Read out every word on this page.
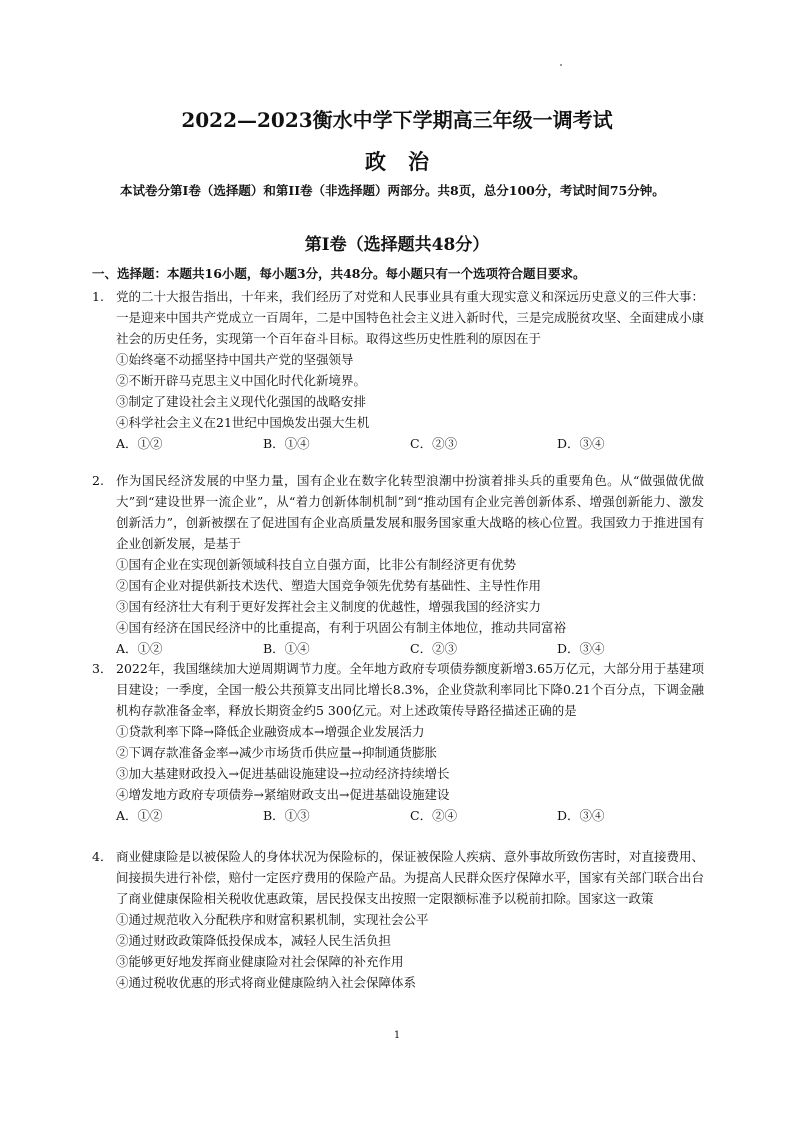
2022—2023衡水中学下学期高三年级一调考试
政治
本试卷分第I卷（选择题）和第II卷（非选择题）两部分。共8页，总分100分，考试时间75分钟。
第I卷（选择题共48分）
一、选择题：本题共16小题，每小题3分，共48分。每小题只有一个选项符合题目要求。
1. 党的二十大报告指出，十年来，我们经历了对党和人民事业具有重大现实意义和深远历史意义的三件大事：一是迎来中国共产党成立一百周年，二是中国特色社会主义进入新时代，三是完成脱贫攻坚、全面建成小康社会的历史任务，实现第一个百年奋斗目标。取得这些历史性胜利的原因在于
①始终毫不动摇坚持中国共产党的坚强领导
②不断开辟马克思主义中国化时代化新境界。
③制定了建设社会主义现代化强国的战略安排
④科学社会主义在21世纪中国焕发出强大生机
A．①②	B．①④	C．②③	D．③④
2. 作为国民经济发展的中坚力量，国有企业在数字化转型浪潮中扮演着排头兵的重要角色。从“做强做优做大”到“建设世界一流企业”，从“着力创新体制机制”到“推动国有企业完善创新体系、增强创新能力、激发创新活力”，创新被摆在了促进国有企业高质量发展和服务国家重大战略的核心位置。我国致力于推进国有企业创新发展，是基于
①国有企业在实现创新领域科技自立自强方面，比非公有制经济更有优势
②国有企业对提供新技术迭代、塑造大国竞争领先优势有基础性、主导性作用
③国有经济壮大有利于更好发挥社会主义制度的优越性，增强我国的经济实力
④国有经济在国民经济中的比重提高，有利于巩固公有制主体地位，推动共同富裕
A．①②	B．①④	C．②③	D．③④
3． 2022年，我国继续加大逆周期调节力度。全年地方政府专项债券额度新增3.65万亿元，大部分用于基建项目建设；一季度，全国一般公共预算支出同比增长8.3%，企业贷款利率同比下降0.21个百分点，下调金融机构存款准备金率，释放长期资金约5 300亿元。对上述政策传导路径描述正确的是
①贷款利率下降→降低企业融资成本→增强企业发展活力
②下调存款准备金率→减少市场货币供应量→抑制通货膨胀
③加大基建财政投入→促进基础设施建设→拉动经济持续增长
④增发地方政府专项债券→紧缩财政支出→促进基础设施建设
A．①②	B．①③	C．②④	D．③④
4． 商业健康险是以被保险人的身体状况为保险标的，保证被保险人疾病、意外事故所致伤害时，对直接费用、间接损失进行补偿，赔付一定医疗费用的保险产品。为提高人民群众医疗保障水平，国家有关部门联合出台了商业健康保险相关税收优惠政策，居民投保支出按照一定限额标准予以税前扣除。国家这一政策
①通过规范收入分配秩序和财富积累机制，实现社会公平
②通过财政政策降低投保成本，减轻人民生活负担
③能够更好地发挥商业健康险对社会保障的补充作用
④通过税收优惠的形式将商业健康险纳入社会保障体系
1
